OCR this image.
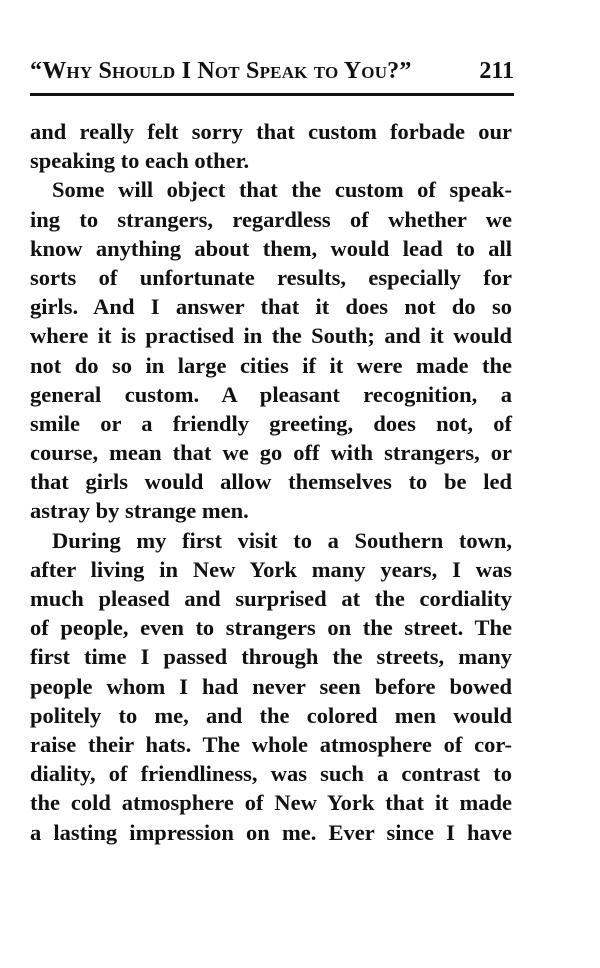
“Why Should I Not Speak to You?”	211
and really felt sorry that custom forbade our
speaking to each other.
Some will object that the custom of speak-
ing to strangers, regardless of whether we
know anything about them, would lead to all
sorts of unfortunate results, especially for
girls. And I answer that it does not do so
where it is practised in the South; and it would
not do so in large cities if it were made the
general custom. A pleasant recognition, a
smile or a friendly greeting, does not, of
course, mean that we go off with strangers, or
that girls would allow themselves to be led
astray by strange men.
During my first visit to a Southern town,
after living in New York many years, I was
much pleased and surprised at the cordiality
of people, even to strangers on the street. The
first time I passed through the streets, many
people whom I had never seen before bowed
politely to me, and the colored men would
raise their hats. The whole atmosphere of cor-
diality, of friendliness, was such a contrast to
the cold atmosphere of New York that it made
a lasting impression on me. Ever since I have
